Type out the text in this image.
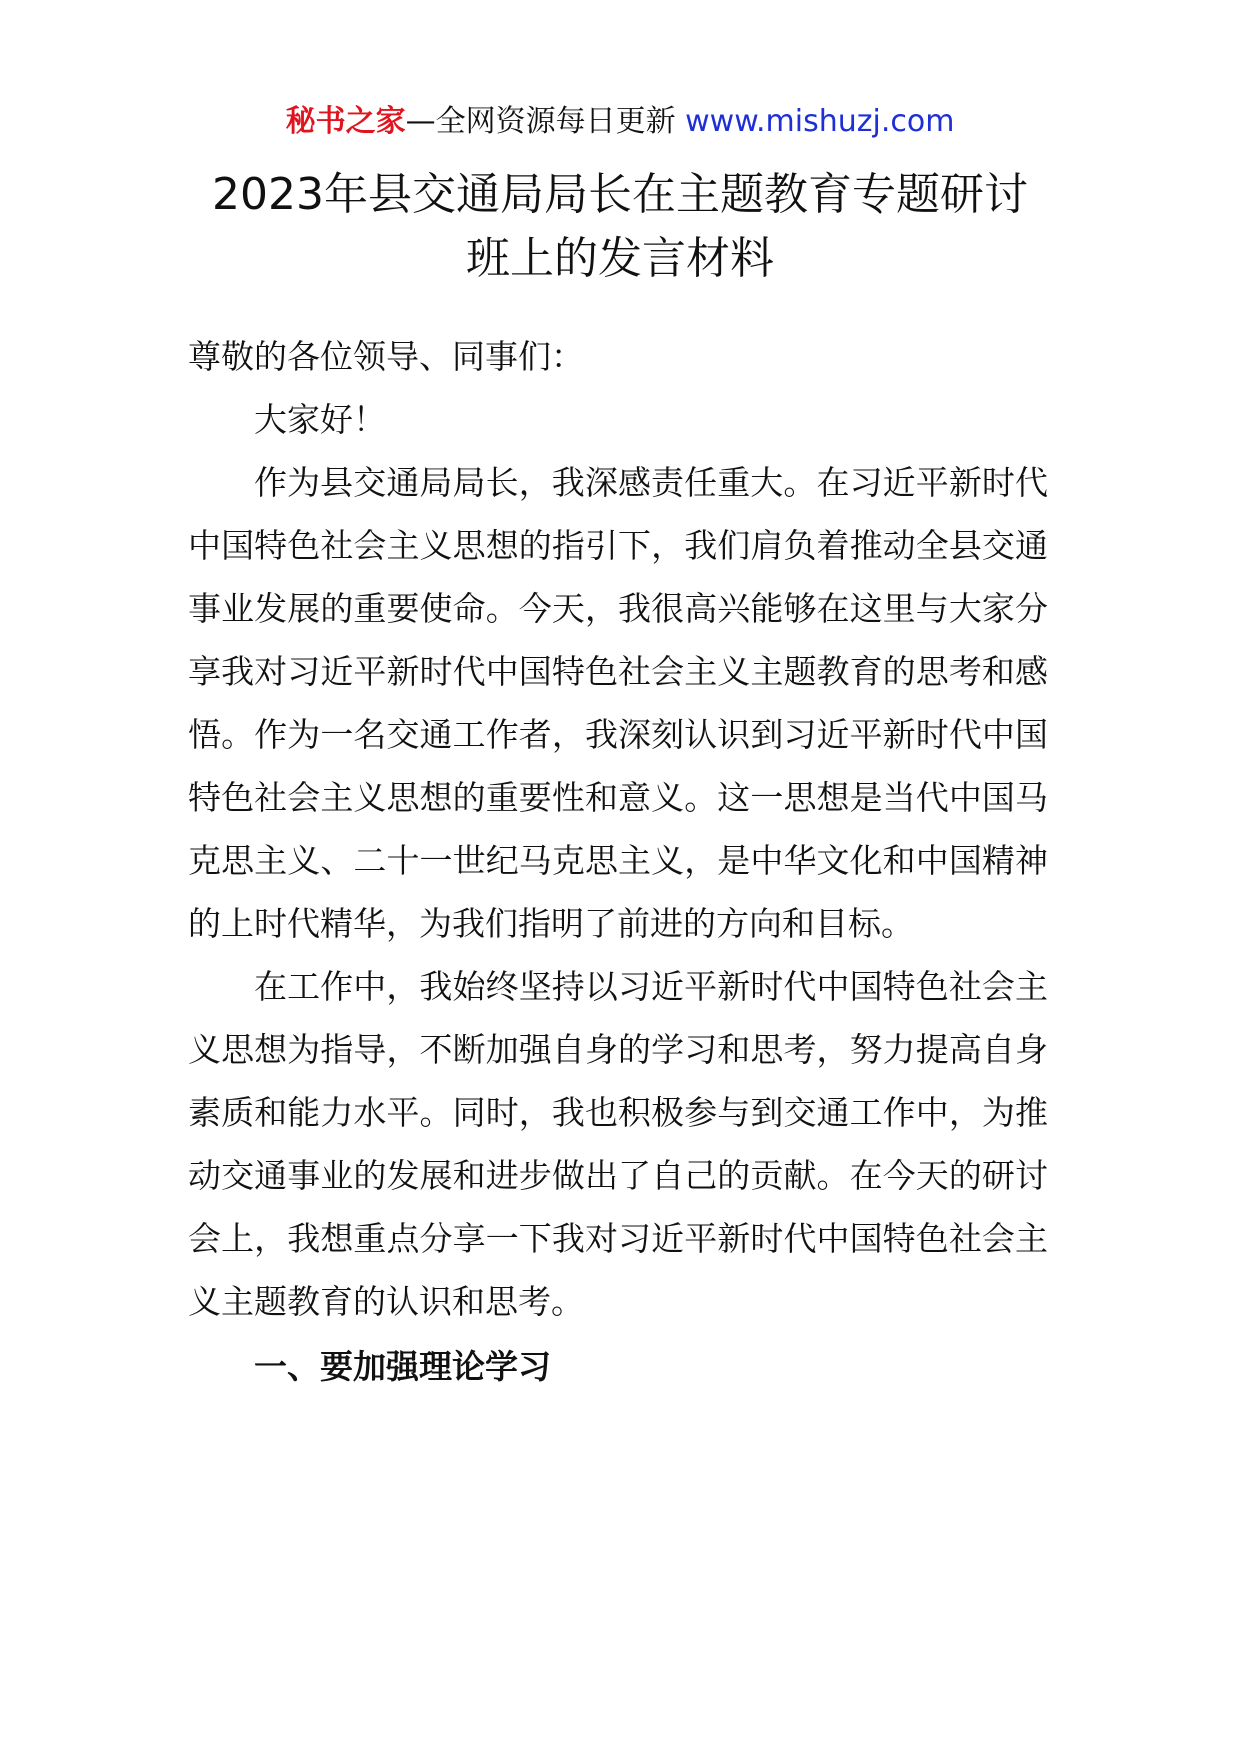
秘书之家—全网资源每日更新 www.mishuzj.com
2023年县交通局局长在主题教育专题研讨
班上的发言材料

尊敬的各位领导、同事们：

大家好！

作为县交通局局长，我深感责任重大。在习近平新时代中国特色社会主义思想的指引下，我们肩负着推动全县交通事业发展的重要使命。今天，我很高兴能够在这里与大家分享我对习近平新时代中国特色社会主义主题教育的思考和感悟。作为一名交通工作者，我深刻认识到习近平新时代中国特色社会主义思想的重要性和意义。这一思想是当代中国马克思主义、二十一世纪马克思主义，是中华文化和中国精神的上时代精华，为我们指明了前进的方向和目标。

在工作中，我始终坚持以习近平新时代中国特色社会主义思想为指导，不断加强自身的学习和思考，努力提高自身素质和能力水平。同时，我也积极参与到交通工作中，为推动交通事业的发展和进步做出了自己的贡献。在今天的研讨会上，我想重点分享一下我对习近平新时代中国特色社会主义主题教育的认识和思考。

一、要加强理论学习
